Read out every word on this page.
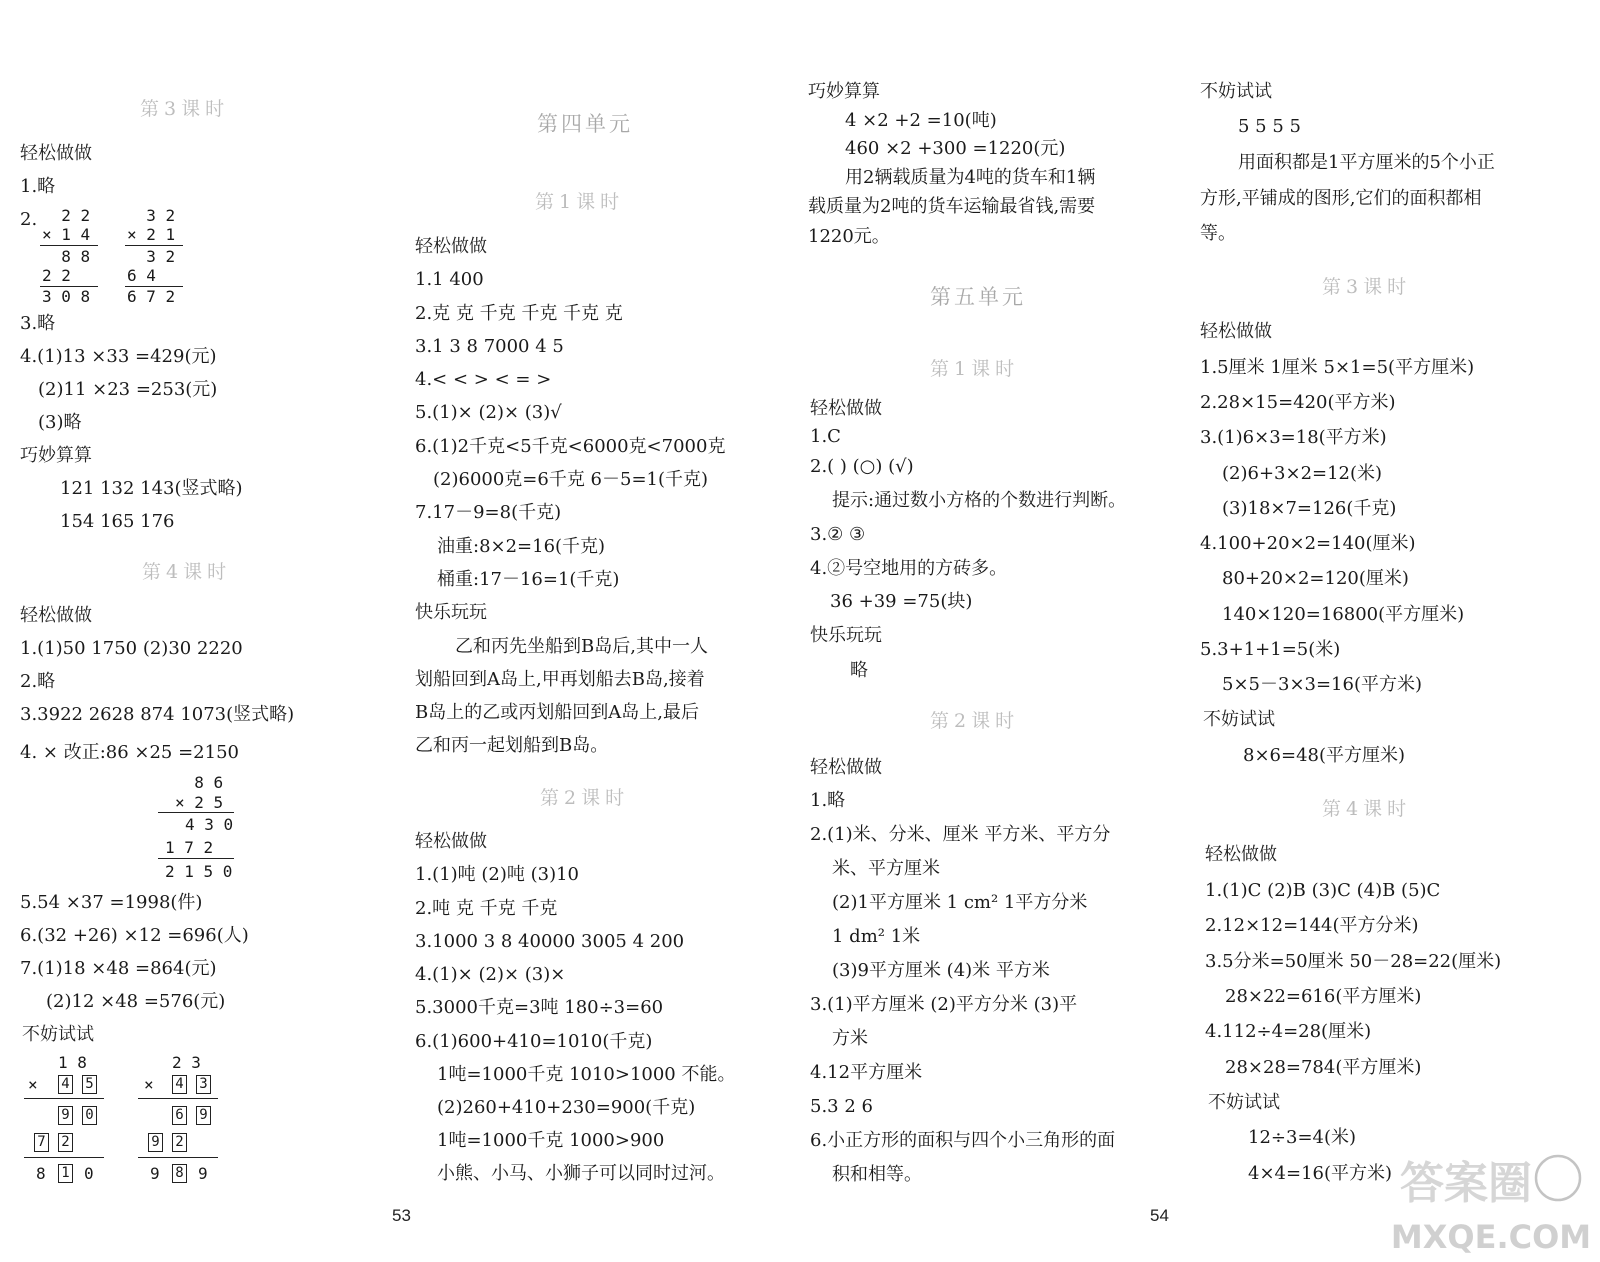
第3课时
轻松做做
1.略
2. 2 2
× 1 4
8 8
2 2
3 0 8
3 2
× 2 1
3 2
6 4
6 7 2
3.略
4.(1)13 ×33 =429(元)
(2)11 ×23 =253(元)
(3)略
巧妙算算
121 132 143(竖式略)
154 165 176
第4课时
轻松做做
1.(1)50 1750 (2)30 2220
2.略
3.3922 2628 874 1073(竖式略)
4. × 改正:86 ×25 =2150
8 6
× 2 5
4 3 0
1 7 2
2 1 5 0
5.54 ×37 =1998(件)
6.(32 +26) ×12 =696(人)
7.(1)18 ×48 =864(元)
(2)12 ×48 =576(元)
不妨试试
1 8
× 4 5
9 0
7 2
8 1 0
2 3
× 4 3
6 9
9 2
9 8 9
第四单元
第1课时
轻松做做
1.1 400
2.克 克 千克 千克 千克 克
3.1 3 8 7000 4 5
4.< < > < = >
5.(1)× (2)× (3)√
6.(1)2千克<5千克<6000克<7000克
(2)6000克=6千克 6－5=1(千克)
7.17－9=8(千克)
油重:8×2=16(千克)
桶重:17－16=1(千克)
快乐玩玩
乙和丙先坐船到B岛后,其中一人
划船回到A岛上,甲再划船去B岛,接着
B岛上的乙或丙划船回到A岛上,最后
乙和丙一起划船到B岛。
第2课时
轻松做做
1.(1)吨 (2)吨 (3)10
2.吨 克 千克 千克
3.1000 3 8 40000 3005 4 200
4.(1)× (2)× (3)×
5.3000千克=3吨 180÷3=60
6.(1)600+410=1010(千克)
1吨=1000千克 1010>1000 不能。
(2)260+410+230=900(千克)
1吨=1000千克 1000>900
小熊、小马、小狮子可以同时过河。
53
巧妙算算
4 ×2 +2 =10(吨)
460 ×2 +300 =1220(元)
用2辆载质量为4吨的货车和1辆
载质量为2吨的货车运输最省钱,需要
1220元。
第五单元
第1课时
轻松做做
1.C
2.( ) (○) (√)
提示:通过数小方格的个数进行判断。
3.② ③
4.②号空地用的方砖多。
36 +39 =75(块)
快乐玩玩
略
第2课时
轻松做做
1.略
2.(1)米、分米、厘米 平方米、平方分
米、平方厘米
(2)1平方厘米 1 cm² 1平方分米
1 dm² 1米
(3)9平方厘米 (4)米 平方米
3.(1)平方厘米 (2)平方分米 (3)平
方米
4.12平方厘米
5.3 2 6
6.小正方形的面积与四个小三角形的面
积和相等。
54
不妨试试
5 5 5 5
用面积都是1平方厘米的5个小正
方形,平铺成的图形,它们的面积都相
等。
第3课时
轻松做做
1.5厘米 1厘米 5×1=5(平方厘米)
2.28×15=420(平方米)
3.(1)6×3=18(平方米)
(2)6+3×2=12(米)
(3)18×7=126(千克)
4.100+20×2=140(厘米)
80+20×2=120(厘米)
140×120=16800(平方厘米)
5.3+1+1=5(米)
5×5－3×3=16(平方米)
不妨试试
8×6=48(平方厘米)
第4课时
轻松做做
1.(1)C (2)B (3)C (4)B (5)C
2.12×12=144(平方分米)
3.5分米=50厘米 50－28=22(厘米)
28×22=616(平方厘米)
4.112÷4=28(厘米)
28×28=784(平方厘米)
不妨试试
12÷3=4(米)
4×4=16(平方米) 答案圈
MXQE.COM
